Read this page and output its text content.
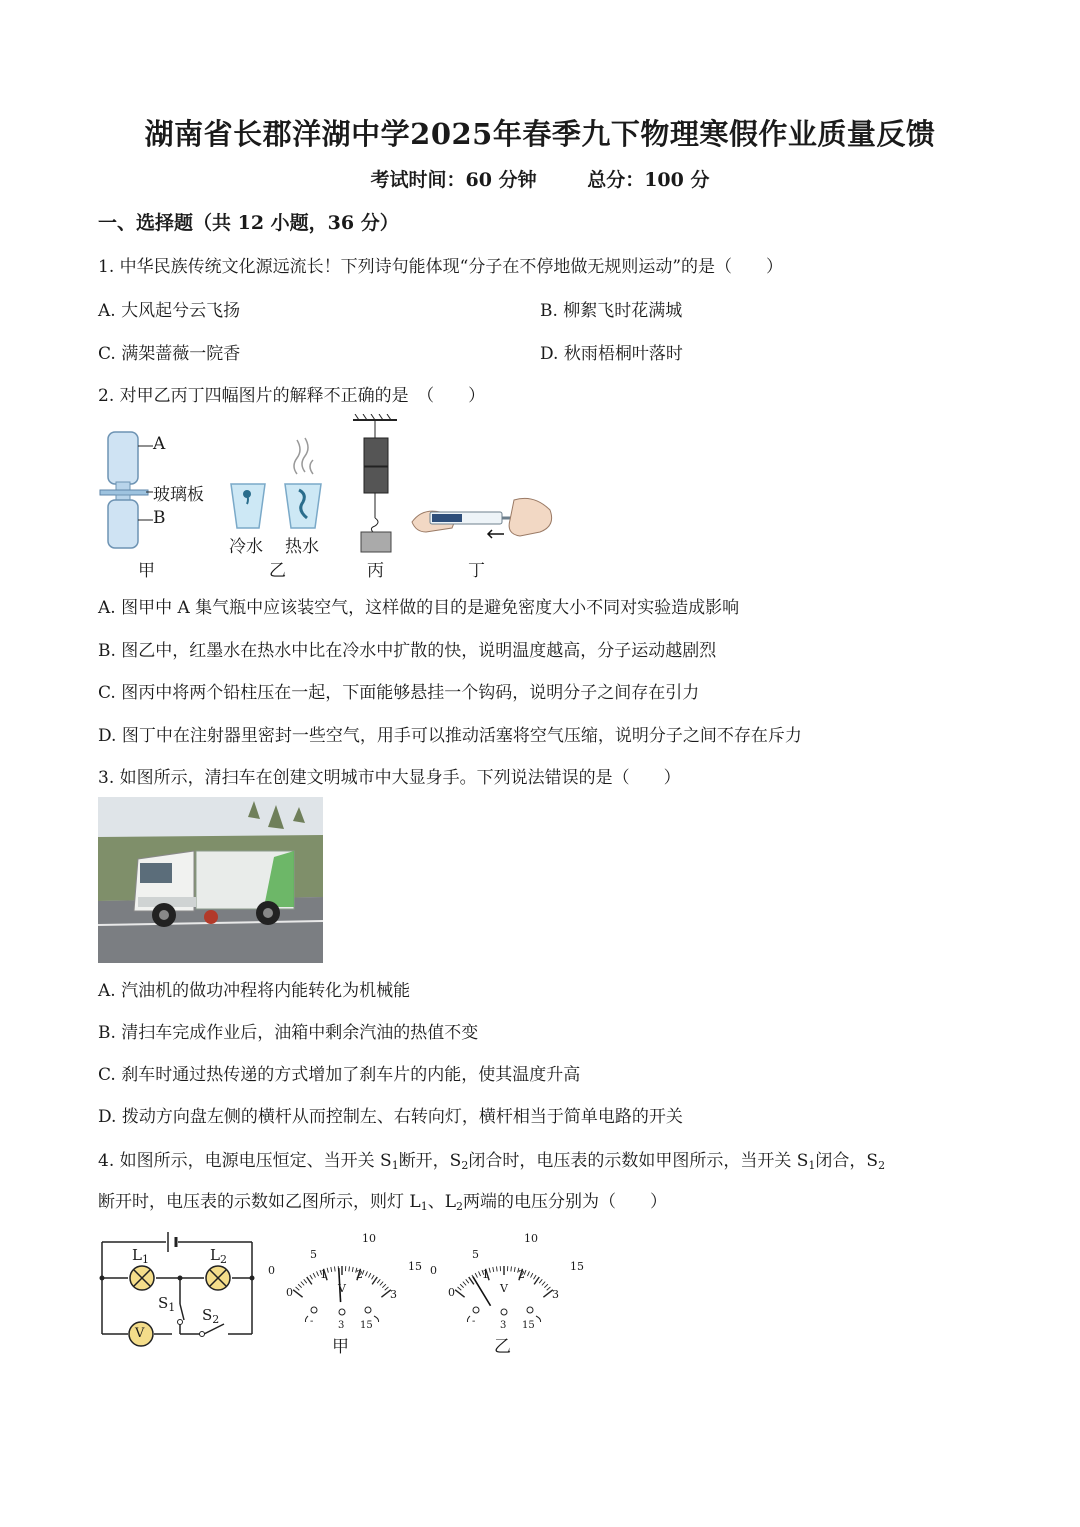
湖南省长郡洋湖中学2025年春季九下物理寒假作业质量反馈
考试时间：60 分钟	总分：100 分
一、选择题（共 12 小题，36 分）
1. 中华民族传统文化源远流长！下列诗句能体现“分子在不停地做无规则运动”的是（　　）
A. 大风起兮云飞扬	B. 柳絮飞时花满城
C. 满架蔷薇一院香	D. 秋雨梧桐叶落时
2. 对甲乙丙丁四幅图片的解释不正确的是　（　　）
A
玻璃板
B
甲
冷水 热水
乙	丙	丁
A. 图甲中 A 集气瓶中应该装空气，这样做的目的是避免密度大小不同对实验造成影响
B. 图乙中，红墨水在热水中比在冷水中扩散的快，说明温度越高，分子运动越剧烈
C. 图丙中将两个铅柱压在一起，下面能够悬挂一个钩码，说明分子之间存在引力
D. 图丁中在注射器里密封一些空气，用手可以推动活塞将空气压缩，说明分子之间不存在斥力
3. 如图所示，清扫车在创建文明城市中大显身手。下列说法错误的是（　　）
A. 汽油机的做功冲程将内能转化为机械能
B. 清扫车完成作业后，油箱中剩余汽油的热值不变
C. 刹车时通过热传递的方式增加了刹车片的内能，使其温度升高
D. 拨动方向盘左侧的横杆从而控制左、右转向灯，横杆相当于简单电路的开关
4. 如图所示，电源电压恒定、当开关 $S_1$断开，$S_2$闭合时，电压表的示数如甲图所示，当开关 $S_1$闭合，$S_2$
断开时，电压表的示数如乙图所示，则灯 $L_1$、$L_2$两端的电压分别为（　　）
$L_1$	$L_2$
$S_1$ $S_2$
V
5
10
15
0
0
1	2
3
V
- 3 15
甲
5
10
15
0
0
1	2
3
V
- 3 15
乙
